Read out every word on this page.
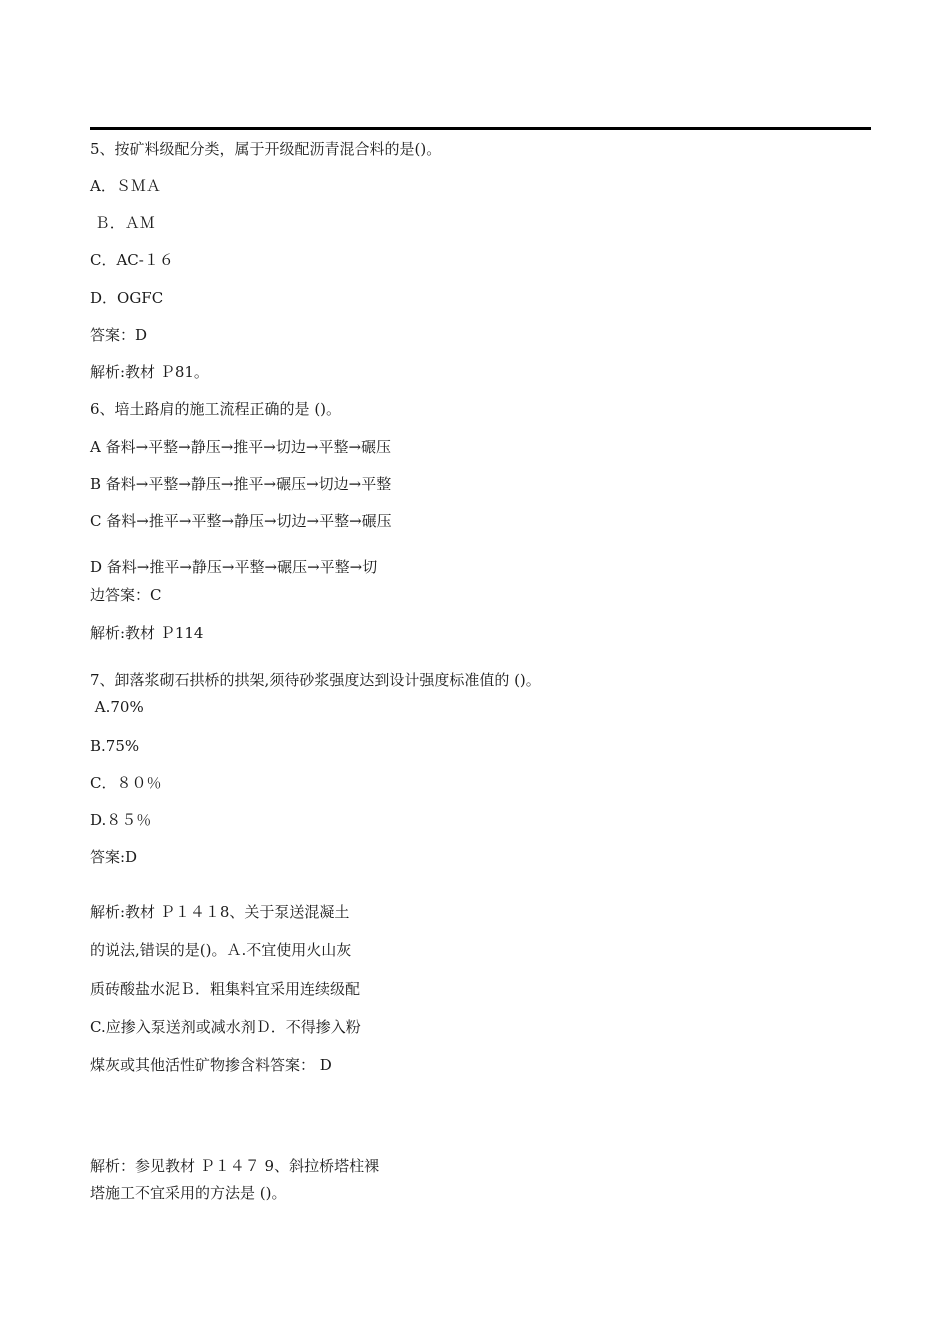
5、按矿料级配分类，属于开级配沥青混合料的是()。
A．ＳＭＡ
Ｂ．ＡＭ
C．AC-１６
D．OGFC
答案：D
解析:教材 Ｐ81。
6、培土路肩的施工流程正确的是 ()。
A 备料→平整→静压→推平→切边→平整→碾压
B 备料→平整→静压→推平→碾压→切边→平整
C 备料→推平→平整→静压→切边→平整→碾压
D 备料→推平→静压→平整→碾压→平整→切
边答案：C
解析:教材 Ｐ114
7、卸落浆砌石拱桥的拱架,须待砂浆强度达到设计强度标准值的 ()。
A.70%
B.75%
C．８０％
D.８５％
答案:D
解析:教材 Ｐ１４１8、关于泵送混凝土
的说法,错误的是()。Ａ.不宜使用火山灰
质砖酸盐水泥Ｂ．粗集料宜采用连续级配
C.应掺入泵送剂或减水剂Ｄ．不得掺入粉
煤灰或其他活性矿物掺含料答案： D
解析：参见教材 Ｐ１４７ 9、斜拉桥塔柱裸
塔施工不宜采用的方法是 ()。
